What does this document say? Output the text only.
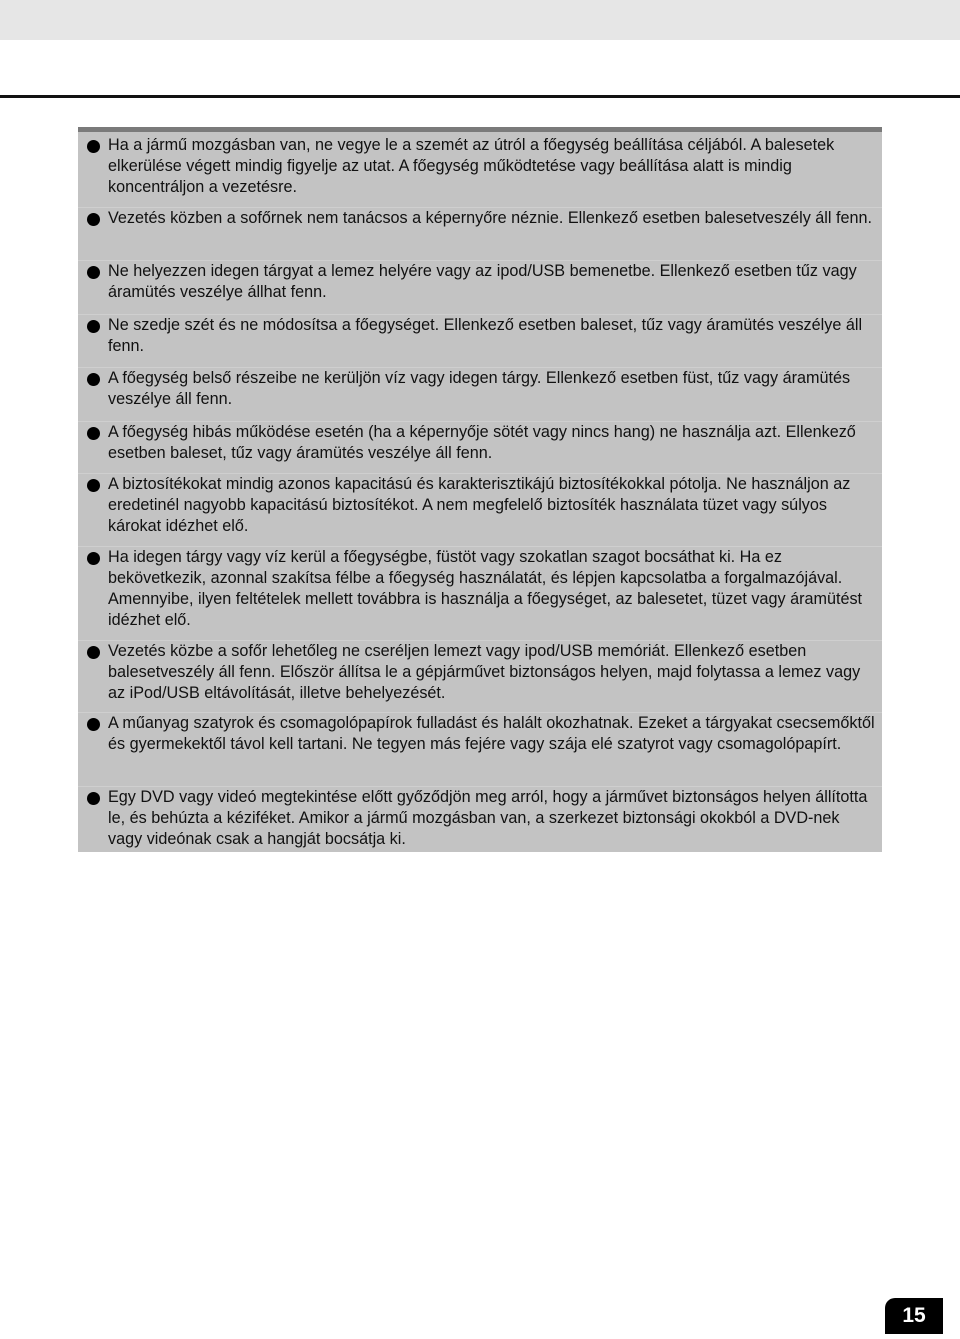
Ha a jármű mozgásban van, ne vegye le a szemét az útról a főegység beállítása céljából. A balesetek elkerülése végett mindig figyelje az utat. A főegység működtetése vagy beállítása alatt is mindig koncentráljon a vezetésre.

Vezetés közben a sofőrnek nem tanácsos a képernyőre néznie. Ellenkező esetben balesetveszély áll fenn.

Ne helyezzen idegen tárgyat a lemez helyére vagy az ipod/USB bemenetbe. Ellenkező esetben tűz vagy áramütés veszélye állhat fenn.

Ne szedje szét és ne módosítsa a főegységet. Ellenkező esetben baleset, tűz vagy áramütés veszélye áll fenn.

A főegység belső részeibe ne kerüljön víz vagy idegen tárgy. Ellenkező esetben füst, tűz vagy áramütés veszélye áll fenn.

A főegység hibás működése esetén (ha a képernyője sötét vagy nincs hang) ne használja azt. Ellenkező esetben baleset, tűz vagy áramütés veszélye áll fenn.

A biztosítékokat mindig azonos kapacitású és karakterisztikájú biztosítékokkal pótolja. Ne használjon az eredetinél nagyobb kapacitású biztosítékot. A nem megfelelő biztosíték használata tüzet vagy súlyos károkat idézhet elő.

Ha idegen tárgy vagy víz kerül a főegységbe, füstöt vagy szokatlan szagot bocsáthat ki. Ha ez bekövetkezik, azonnal szakítsa félbe a főegység használatát, és lépjen kapcsolatba a forgalmazójával. Amennyibe, ilyen feltételek mellett továbbra is használja a főegységet, az balesetet, tüzet vagy áramütést idézhet elő.

Vezetés közbe a sofőr lehetőleg ne cseréljen lemezt vagy ipod/USB memóriát. Ellenkező esetben balesetveszély áll fenn. Először állítsa le a gépjárművet biztonságos helyen, majd folytassa a lemez vagy az iPod/USB eltávolítását, illetve behelyezését.

A műanyag szatyrok és csomagolópapírok fulladást és halált okozhatnak. Ezeket a tárgyakat csecsemőktől és gyermekektől távol kell tartani. Ne tegyen más fejére vagy szája elé szatyrot vagy csomagolópapírt.

Egy DVD vagy videó megtekintése előtt győződjön meg arról, hogy a járművet biztonságos helyen állította le, és behúzta a kéziféket. Amikor a jármű mozgásban van, a szerkezet biztonsági okokból a DVD-nek vagy videónak csak a hangját bocsátja ki.

15
